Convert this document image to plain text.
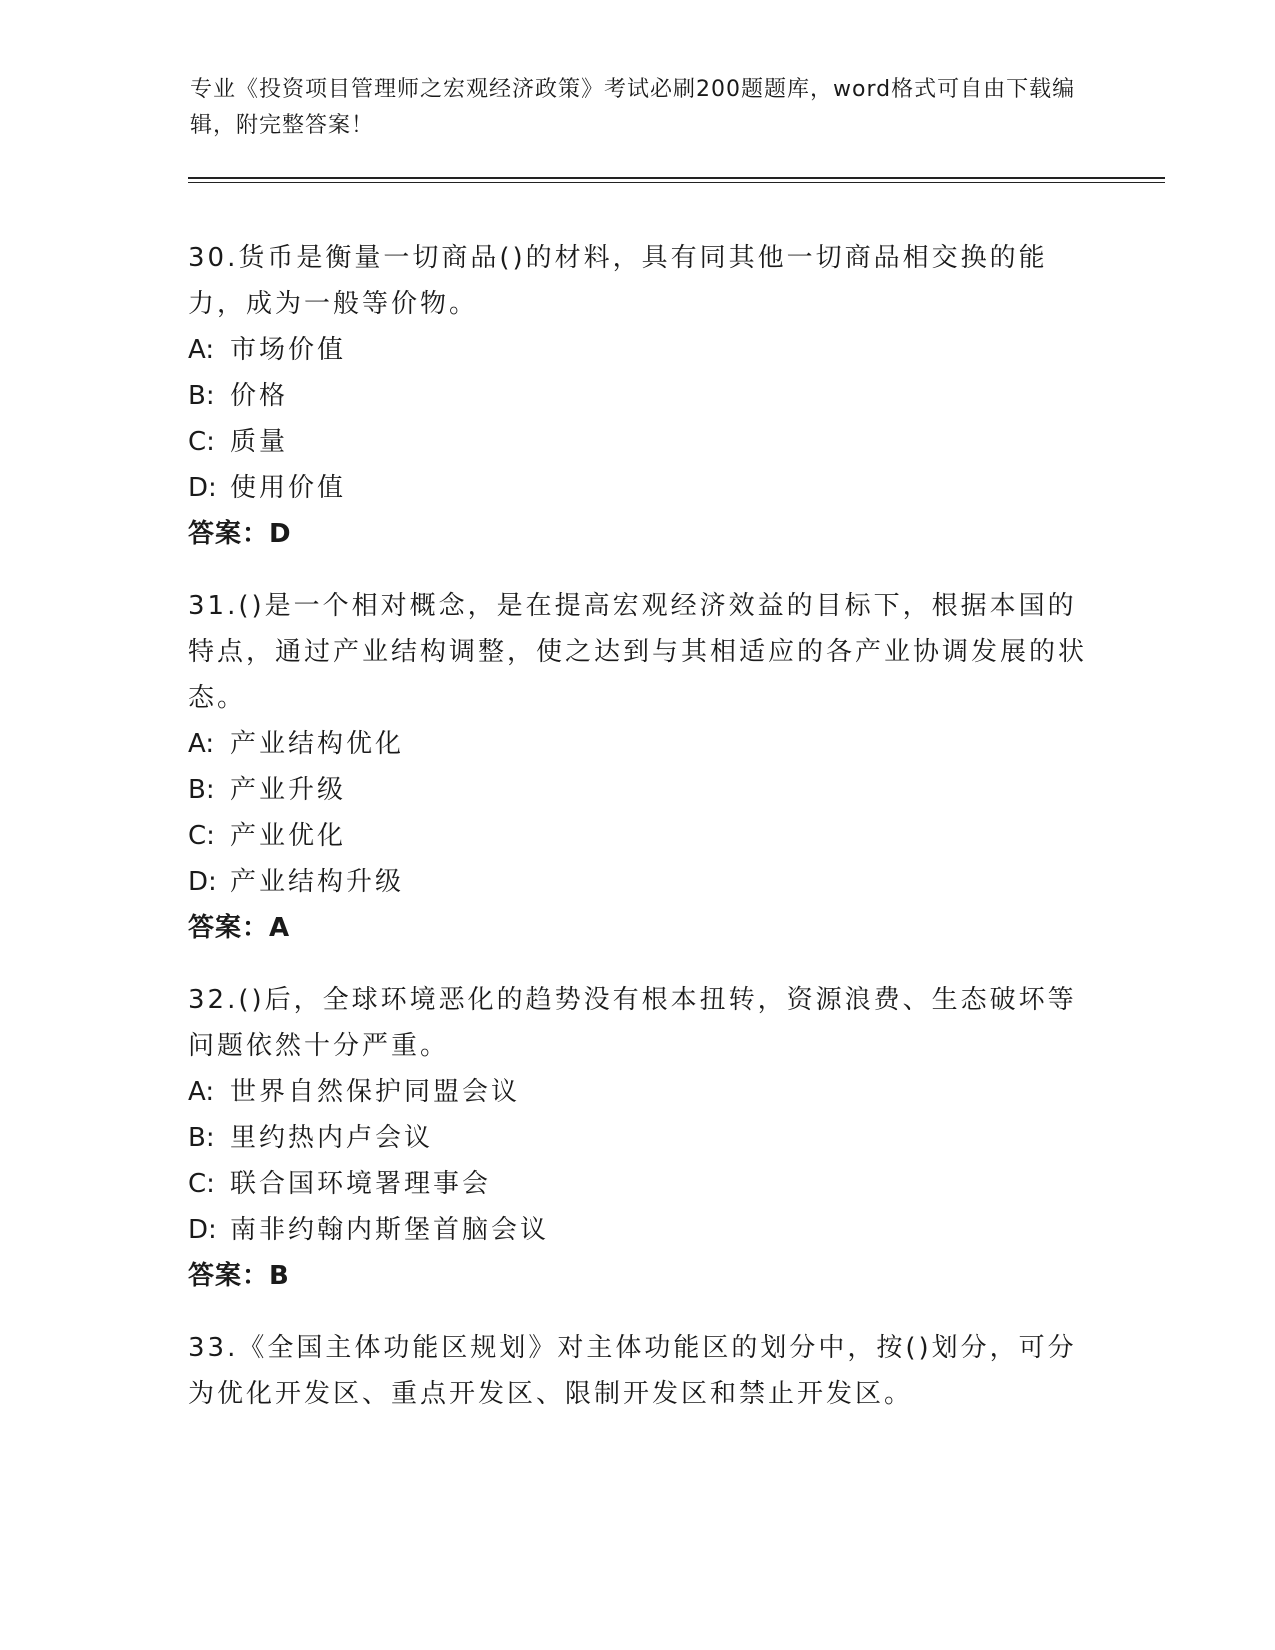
专业《投资项目管理师之宏观经济政策》考试必刷200题题库，word格式可自由下载编辑，附完整答案！
30.货币是衡量一切商品()的材料，具有同其他一切商品相交换的能力，成为一般等价物。
A: 市场价值
B: 价格
C: 质量
D: 使用价值
答案：D
31.()是一个相对概念，是在提高宏观经济效益的目标下，根据本国的特点，通过产业结构调整，使之达到与其相适应的各产业协调发展的状态。
A: 产业结构优化
B: 产业升级
C: 产业优化
D: 产业结构升级
答案：A
32.()后，全球环境恶化的趋势没有根本扭转，资源浪费、生态破坏等问题依然十分严重。
A: 世界自然保护同盟会议
B: 里约热内卢会议
C: 联合国环境署理事会
D: 南非约翰内斯堡首脑会议
答案：B
33.《全国主体功能区规划》对主体功能区的划分中，按()划分，可分为优化开发区、重点开发区、限制开发区和禁止开发区。
